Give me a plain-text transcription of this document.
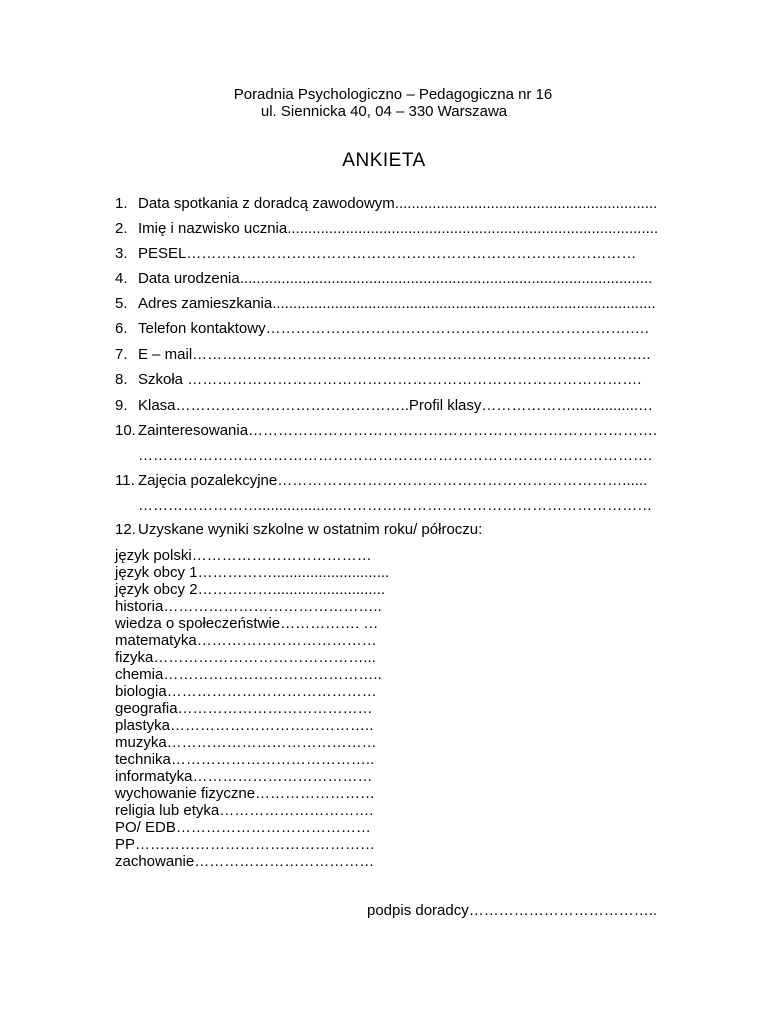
Poradnia Psychologiczno – Pedagogiczna nr 16
ul. Siennicka 40, 04 – 330 Warszawa
ANKIETA
1. Data spotkania z doradcą zawodowym...............................................................
2. Imię i nazwisko ucznia.........................................................................................
3. PESEL………………………………………………………………………………
4. Data urodzenia...................................................................................................
5. Adres zamieszkania............................................................................................
6. Telefon kontaktowy……………………………………………………………….….
7. E – mail………………………………………………………………………………..
8. Szkoła ……………………………………………………………………………….
9. Klasa………………………………………..Profil klasy………………................…
10. Zainteresowania……………………………………………………………………….
………………………………………………………………………………………….
11. Zajęcia pozalekcyjne……………………………………………………………......
……………………...................………………………………………………………
12. Uzyskane wyniki szkolne w ostatnim roku/ półroczu:
język polski………………………………
język obcy 1……………............................
język obcy 2……………...........................
historia……………………………………..
wiedza o społeczeństwie……………. …
matematyka………………………………
fizyka……………………………………...
chemia……………………………………..
biologia……………………………………
geografia…………………………………
plastyka…………………………………..
muzyka……………………………………
technika…………………………………..
informatyka………………………………
wychowanie fizyczne……………………
religia lub etyka………………………….
PO/ EDB…………………………………
PP…………………………………………
zachowanie………………………………
podpis doradcy………………………………..
